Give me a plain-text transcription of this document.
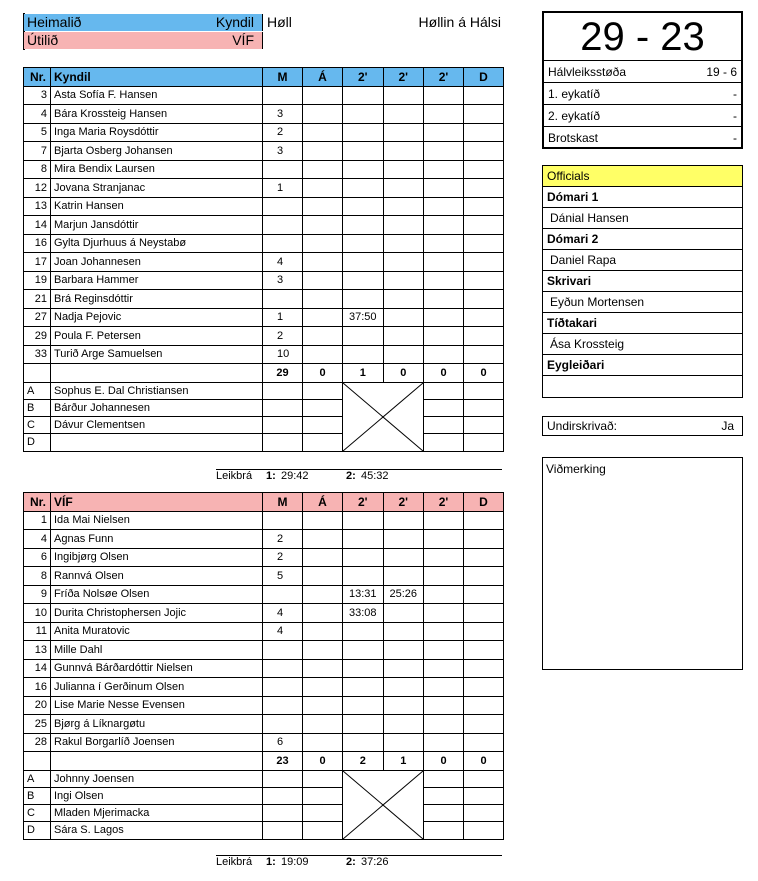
Heimalið	Kyndil Høll	Høllin á Hálsi
Útilið	VÍF
Nr.	Kyndil	M	Á	2'	2'	2'	D
3	Asta Sofía F. Hansen						
4	Bára Krossteig Hansen	3					
5	Inga Maria Roysdóttir	2					
7	Bjarta Osberg Johansen	3					
8	Mira Bendix Laursen						
12	Jovana Stranjanac	1					
13	Katrin Hansen						
14	Marjun Jansdóttir						
16	Gylta Djurhuus á Neystabø						
17	Joan Johannesen	4					
19	Barbara Hammer	3					
21	Brá Reginsdóttir						
27	Nadja Pejovic	1		37:50			
29	Poula F. Petersen	2					
33	Turið Arge Samuelsen	10					
		29	0	1	0	0	0
A	Sophus E. Dal Christiansen			

B	Bárður Johannesen						
C	Dávur Clementsen						
D							
Leikbrá 1: 29:42	2: 45:32
Nr.	VÍF	M	Á	2'	2'	2'	D
1	Ida Mai Nielsen						
4	Agnas Funn	2					
6	Ingibjørg Olsen	2					
8	Rannvá Olsen	5					
9	Fríða Nolsøe Olsen			13:31	25:26		
10	Durita Christophersen Jojic	4		33:08			
11	Anita Muratovic	4					
13	Mille Dahl						
14	Gunnvá Bárðardóttir Nielsen						
16	Julianna í Gerðinum Olsen						
20	Lise Marie Nesse Evensen						
25	Bjørg á Líknargøtu						
28	Rakul Borgarlíð Joensen	6					
		23	0	2	1	0	0
A	Johnny Joensen			

B	Ingi Olsen						
C	Mladen Mjerimacka						
D	Sára S. Lagos						
Leikbrá 1: 19:09	2: 37:26
29 - 23
Hálvleiksstøða	19 - 6
1. eykatíð	-
2. eykatíð	-
Brotskast	-
Officials
Dómari 1
Dánial Hansen
Dómari 2
Daniel Rapa
Skrivari
Eyðun Mortensen
Tíðtakari
Ása Krossteig
Eygleiðari
Undirskrivað:	Ja
Viðmerking
